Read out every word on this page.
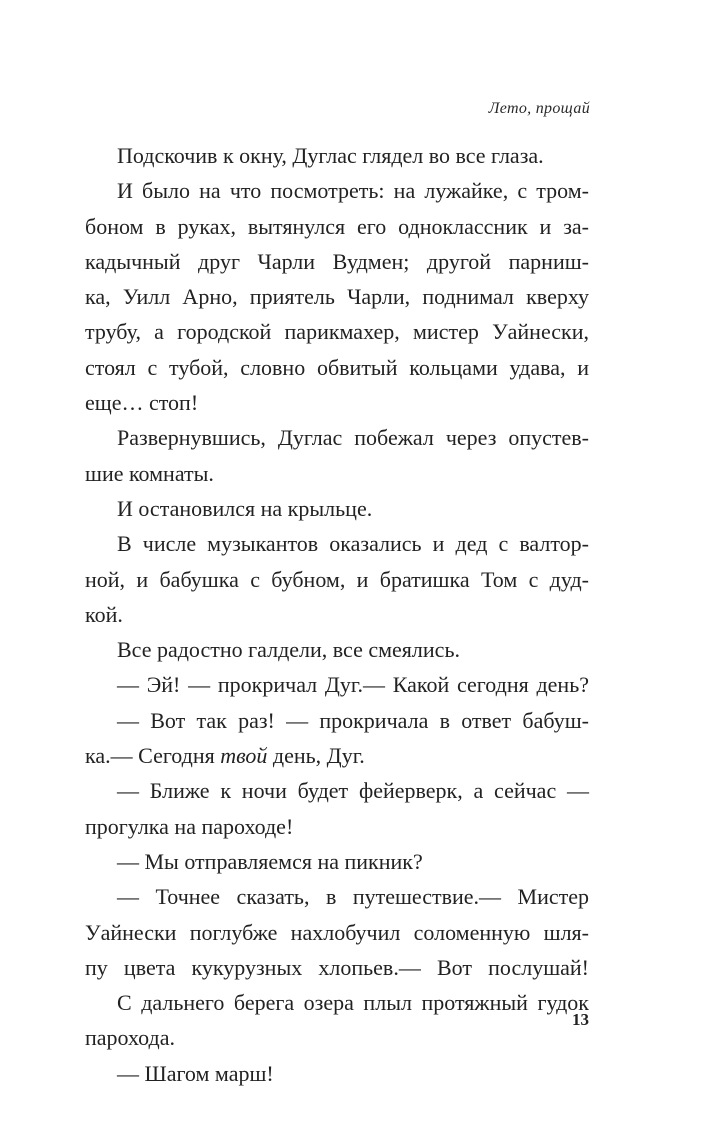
Лето, прощай

Подскочив к окну, Дуглас глядел во все глаза.

И было на что посмотреть: на лужайке, с тром-
боном в руках, вытянулся его одноклассник и за-
кадычный друг Чарли Вудмен; другой парниш-
ка, Уилл Арно, приятель Чарли, поднимал кверху
трубу, а городской парикмахер, мистер Уайнески,
стоял с тубой, словно обвитый кольцами удава, и
еще… стоп!

Развернувшись, Дуглас побежал через опустев-
шие комнаты.

И остановился на крыльце.

В числе музыкантов оказались и дед с валтор-
ной, и бабушка с бубном, и братишка Том с дуд-
кой.

Все радостно галдели, все смеялись.

— Эй! — прокричал Дуг.— Какой сегодня день?

— Вот так раз! — прокричала в ответ бабуш-
ка.— Сегодня твой день, Дуг.

— Ближе к ночи будет фейерверк, а сейчас —
прогулка на пароходе!

— Мы отправляемся на пикник?

— Точнее сказать, в путешествие.— Мистер
Уайнески поглубже нахлобучил соломенную шля-
пу цвета кукурузных хлопьев.— Вот послушай!

С дальнего берега озера плыл протяжный гудок
парохода.

— Шагом марш!

13
